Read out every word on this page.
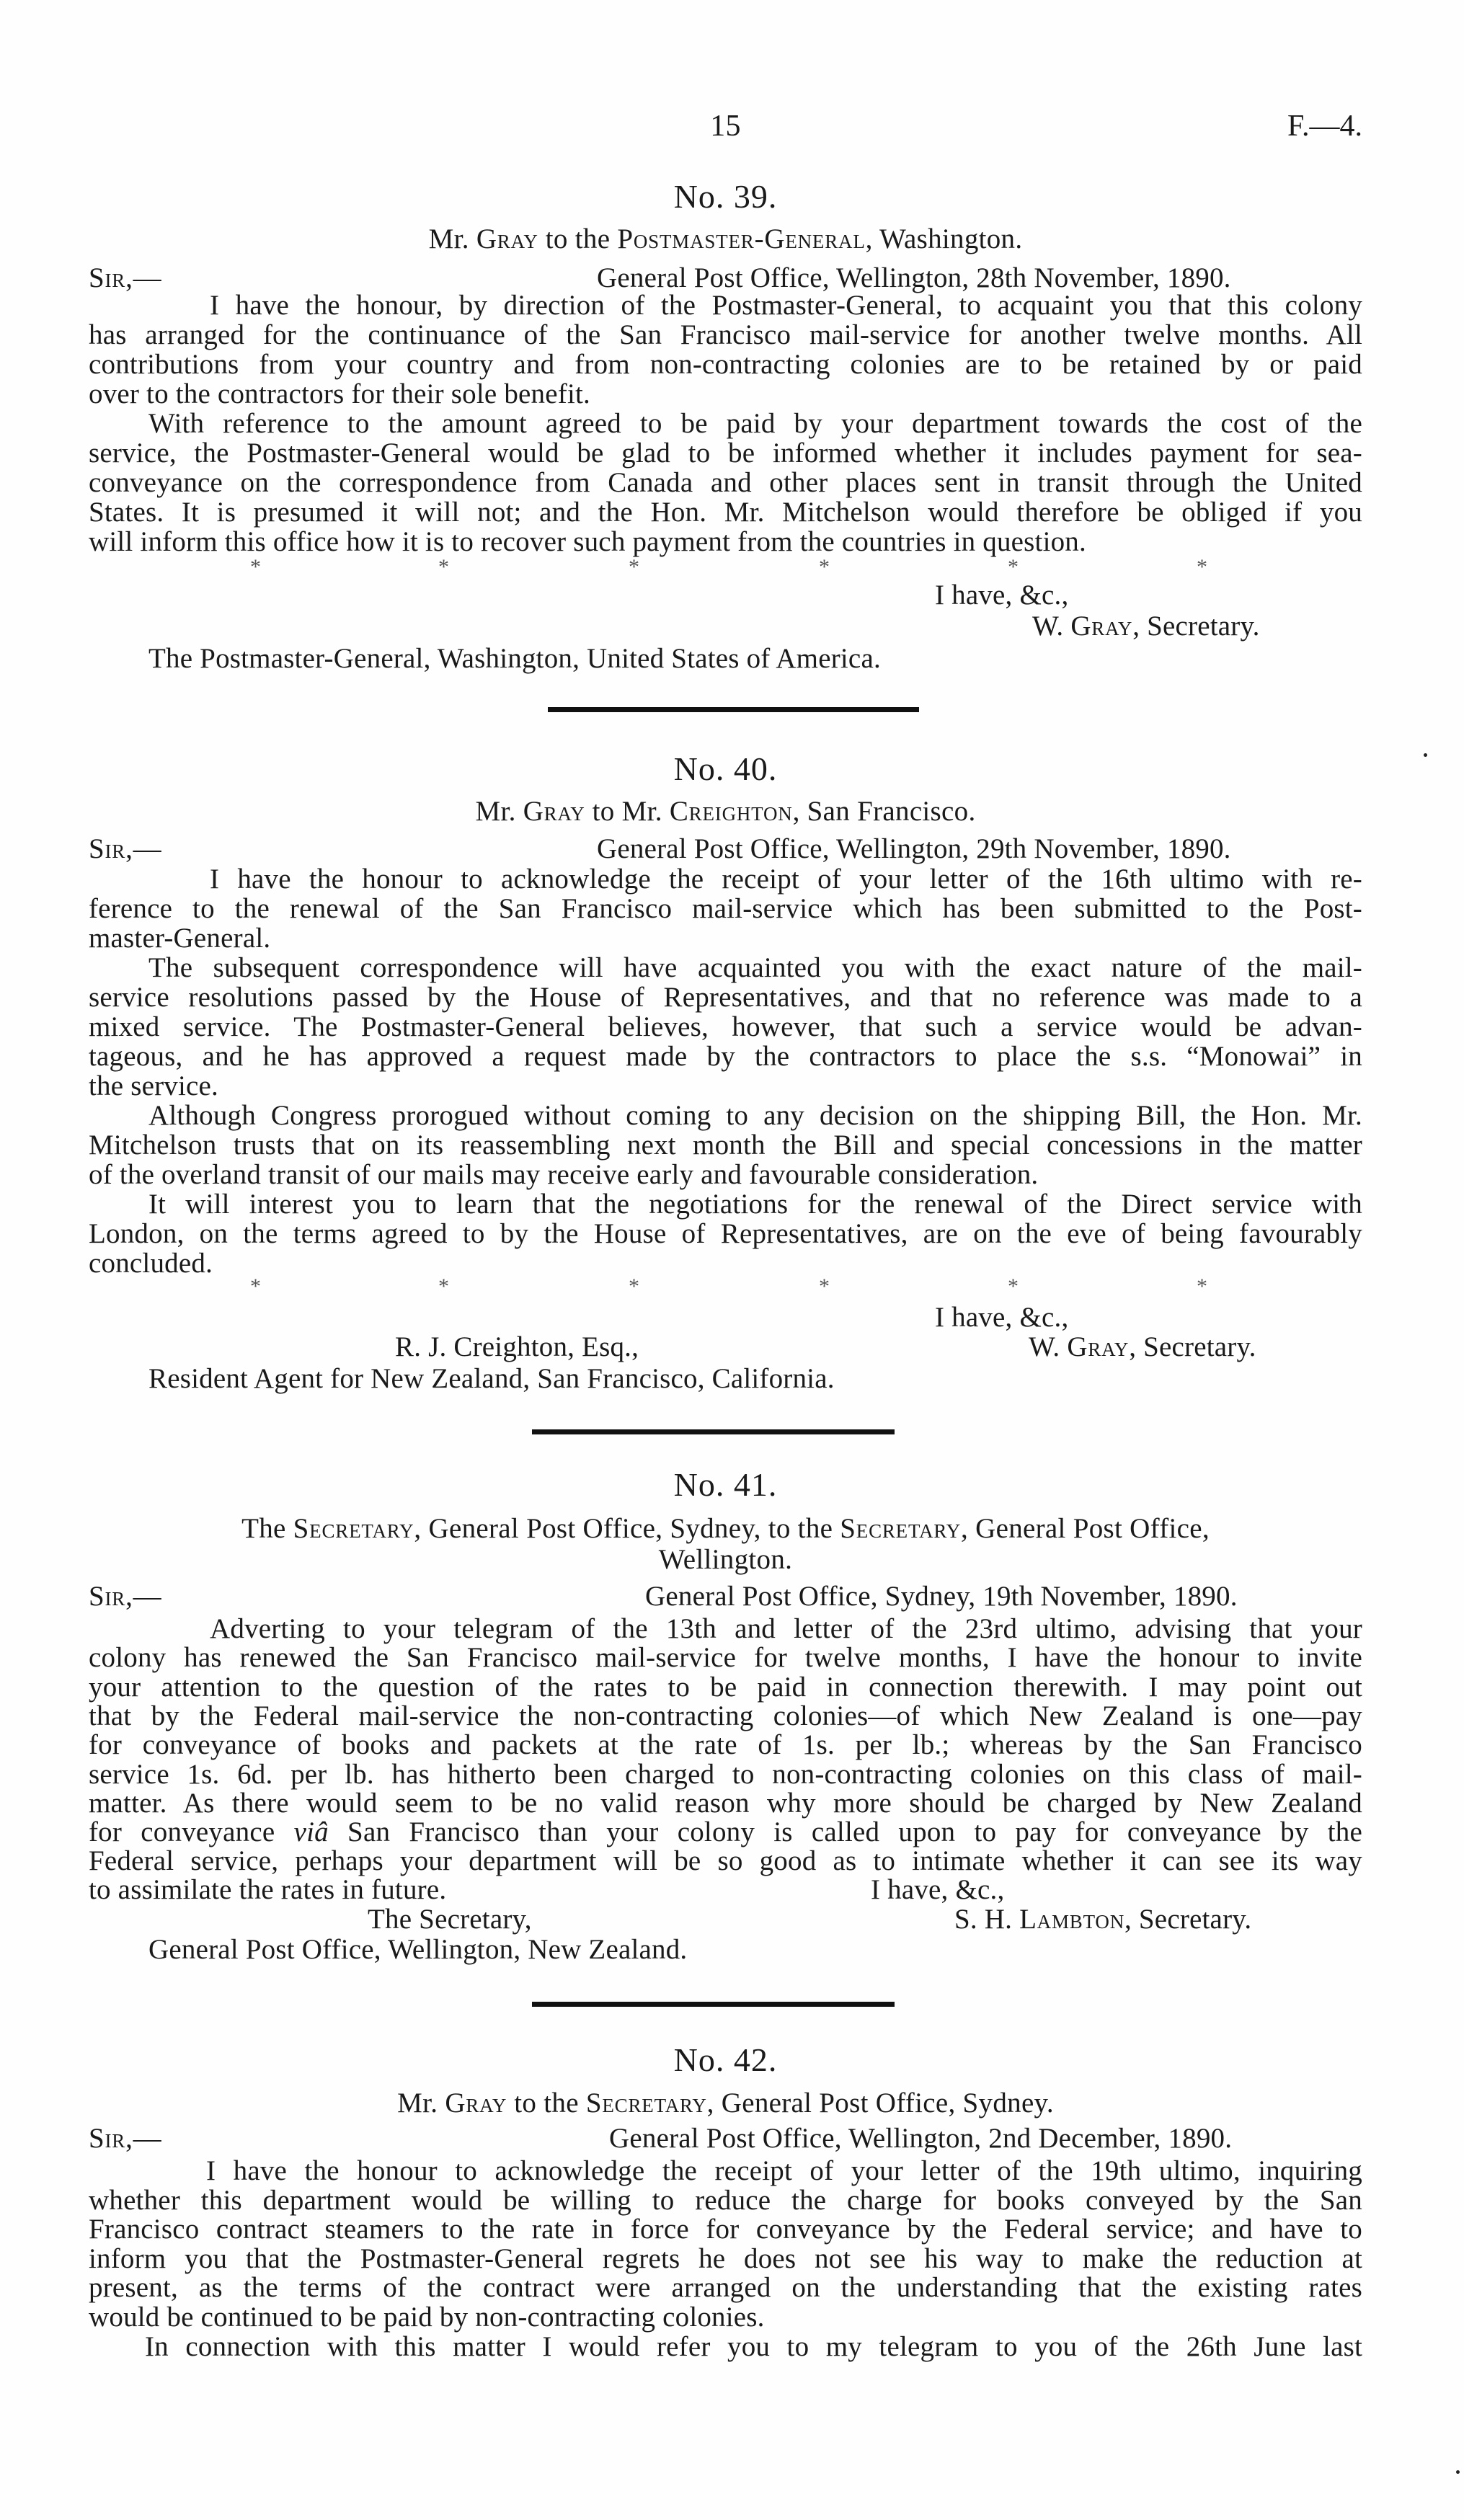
15	F.—4.
No. 39.
Mr. Gray to the Postmaster-General, Washington.
Sir,—	General Post Office, Wellington, 28th November, 1890.
I have the honour, by direction of the Postmaster-General, to acquaint you that this colony
has arranged for the continuance of the San Francisco mail-service for another twelve months. All
contributions from your country and from non-contracting colonies are to be retained by or paid
over to the contractors for their sole benefit.
With reference to the amount agreed to be paid by your department towards the cost of the
service, the Postmaster-General would be glad to be informed whether it includes payment for sea-
conveyance on the correspondence from Canada and other places sent in transit through the United
States. It is presumed it will not; and the Hon. Mr. Mitchelson would therefore be obliged if you
will inform this office how it is to recover such payment from the countries in question.
*	*	*	*	*	*
I have, &c.,
W. Gray, Secretary.
The Postmaster-General, Washington, United States of America.
No. 40.
Mr. Gray to Mr. Creighton, San Francisco.
Sir,—	General Post Office, Wellington, 29th November, 1890.
I have the honour to acknowledge the receipt of your letter of the 16th ultimo with re-
ference to the renewal of the San Francisco mail-service which has been submitted to the Post-
master-General.
The subsequent correspondence will have acquainted you with the exact nature of the mail-
service resolutions passed by the House of Representatives, and that no reference was made to a
mixed service. The Postmaster-General believes, however, that such a service would be advan-
tageous, and he has approved a request made by the contractors to place the s.s. “Monowai” in
the service.
Although Congress prorogued without coming to any decision on the shipping Bill, the Hon. Mr.
Mitchelson trusts that on its reassembling next month the Bill and special concessions in the matter
of the overland transit of our mails may receive early and favourable consideration.
It will interest you to learn that the negotiations for the renewal of the Direct service with
London, on the terms agreed to by the House of Representatives, are on the eve of being favourably
concluded.
*	*	*	*	*	*
I have, &c.,
R. J. Creighton, Esq.,	W. Gray, Secretary.
Resident Agent for New Zealand, San Francisco, California.
No. 41.
The Secretary, General Post Office, Sydney, to the Secretary, General Post Office,
Wellington.
Sir,—	General Post Office, Sydney, 19th November, 1890.
Adverting to your telegram of the 13th and letter of the 23rd ultimo, advising that your
colony has renewed the San Francisco mail-service for twelve months, I have the honour to invite
your attention to the question of the rates to be paid in connection therewith. I may point out
that by the Federal mail-service the non-contracting colonies—of which New Zealand is one—pay
for conveyance of books and packets at the rate of 1s. per lb.; whereas by the San Francisco
service 1s. 6d. per lb. has hitherto been charged to non-contracting colonies on this class of mail-
matter. As there would seem to be no valid reason why more should be charged by New Zealand
for conveyance viâ San Francisco than your colony is called upon to pay for conveyance by the
Federal service, perhaps your department will be so good as to intimate whether it can see its way
to assimilate the rates in future.	I have, &c.,
The Secretary,	S. H. Lambton, Secretary.
General Post Office, Wellington, New Zealand.
No. 42.
Mr. Gray to the Secretary, General Post Office, Sydney.
Sir,—	General Post Office, Wellington, 2nd December, 1890.
I have the honour to acknowledge the receipt of your letter of the 19th ultimo, inquiring
whether this department would be willing to reduce the charge for books conveyed by the San
Francisco contract steamers to the rate in force for conveyance by the Federal service; and have to
inform you that the Postmaster-General regrets he does not see his way to make the reduction at
present, as the terms of the contract were arranged on the understanding that the existing rates
would be continued to be paid by non-contracting colonies.
In connection with this matter I would refer you to my telegram to you of the 26th June last
